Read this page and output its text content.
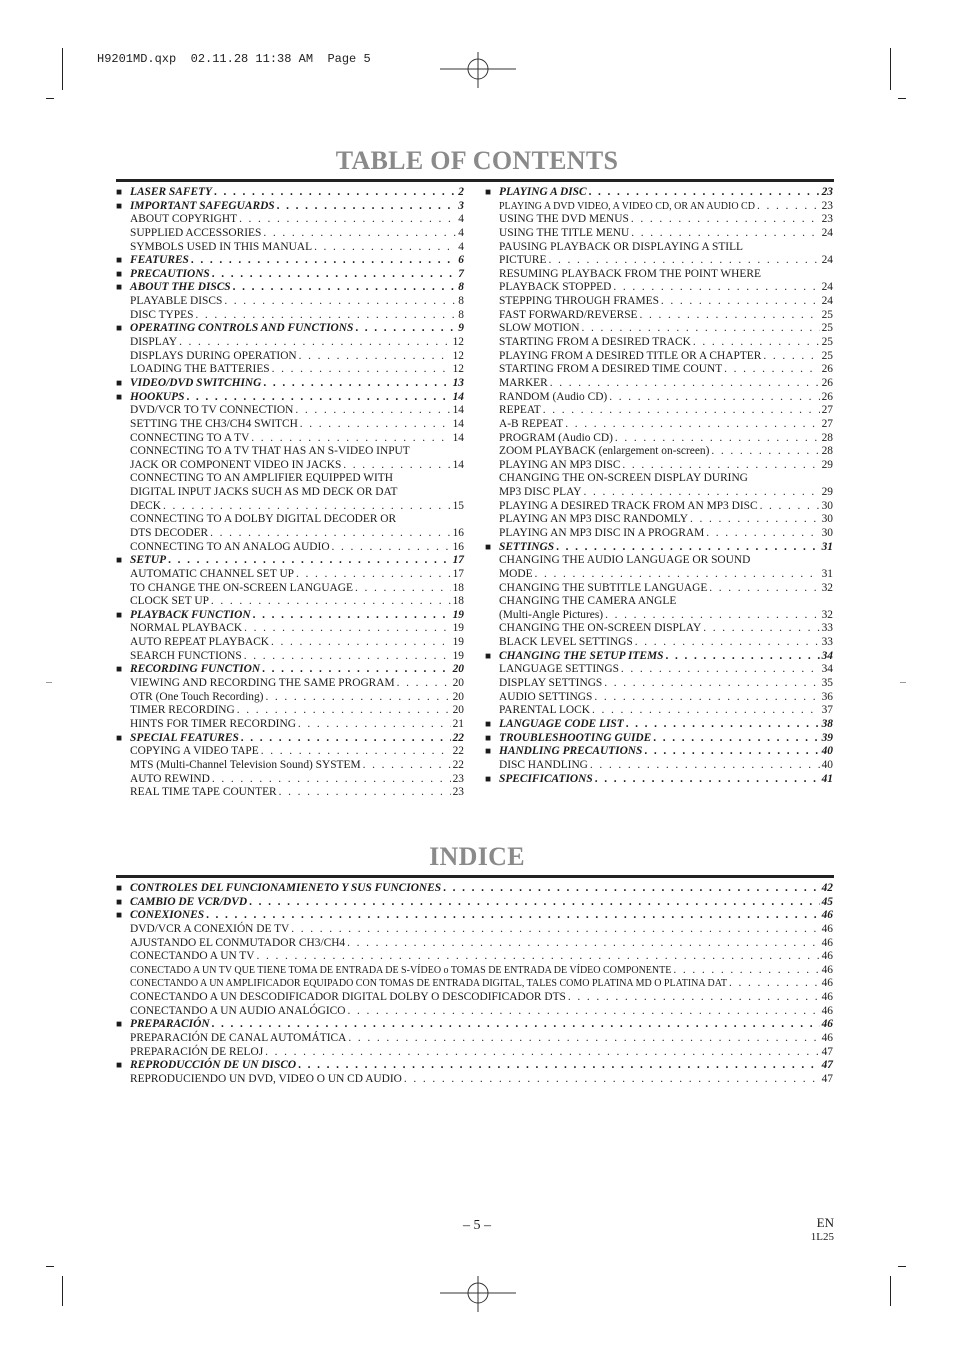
H9201MD.qxp  02.11.28 11:38 AM  Page 5
TABLE OF CONTENTS
■ LASER SAFETY . . .	2
■ IMPORTANT SAFEGUARDS . . .	3
ABOUT COPYRIGHT . . .	4
SUPPLIED ACCESSORIES . . .	4
SYMBOLS USED IN THIS MANUAL . . .	4
■ FEATURES . . .	6
■ PRECAUTIONS . . .	7
■ ABOUT THE DISCS . . .	8
PLAYABLE DISCS . . .	8
DISC TYPES . . .	8
■ OPERATING CONTROLS AND FUNCTIONS . . .	9
DISPLAY . . .	12
DISPLAYS DURING OPERATION . . .	12
LOADING THE BATTERIES . . .	12
■ VIDEO/DVD SWITCHING . . .	13
■ HOOKUPS . . .	14
DVD/VCR TO TV CONNECTION . . .	14
SETTING THE CH3/CH4 SWITCH . . .	14
CONNECTING TO A TV . . .	14
CONNECTING TO A TV THAT HAS AN S-VIDEO INPUT
JACK OR COMPONENT VIDEO IN JACKS . . .	14
CONNECTING TO AN AMPLIFIER EQUIPPED WITH
DIGITAL INPUT JACKS SUCH AS MD DECK OR DAT
DECK . . .	15
CONNECTING TO A DOLBY DIGITAL DECODER OR
DTS DECODER . . .	16
CONNECTING TO AN ANALOG AUDIO . . .	16
■ SETUP . . .	17
AUTOMATIC CHANNEL SET UP . . .	17
TO CHANGE THE ON-SCREEN LANGUAGE . . .	18
CLOCK SET UP . . .	18
■ PLAYBACK FUNCTION . . .	19
NORMAL PLAYBACK . . .	19
AUTO REPEAT PLAYBACK . . .	19
SEARCH FUNCTIONS . . .	19
■ RECORDING FUNCTION . . .	20
VIEWING AND RECORDING THE SAME PROGRAM . . .	20
OTR (One Touch Recording) . . .	20
TIMER RECORDING . . .	20
HINTS FOR TIMER RECORDING . . .	21
■ SPECIAL FEATURES . . .	22
COPYING A VIDEO TAPE . . .	22
MTS (Multi-Channel Television Sound) SYSTEM . . .	22
AUTO REWIND . . .	23
REAL TIME TAPE COUNTER . . .	23
■ PLAYING A DISC . . .	23
PLAYING A DVD VIDEO, A VIDEO CD, OR AN AUDIO CD . . .	23
USING THE DVD MENUS . . .	23
USING THE TITLE MENU . . .	24
PAUSING PLAYBACK OR DISPLAYING A STILL
PICTURE . . .	24
RESUMING PLAYBACK FROM THE POINT WHERE
PLAYBACK STOPPED . . .	24
STEPPING THROUGH FRAMES . . .	24
FAST FORWARD/REVERSE . . .	25
SLOW MOTION . . .	25
STARTING FROM A DESIRED TRACK . . .	25
PLAYING FROM A DESIRED TITLE OR A CHAPTER . . .	25
STARTING FROM A DESIRED TIME COUNT . . .	26
MARKER . . .	26
RANDOM (Audio CD) . . .	26
REPEAT . . .	27
A-B REPEAT . . .	27
PROGRAM (Audio CD) . . .	28
ZOOM PLAYBACK (enlargement on-screen) . . .	28
PLAYING AN MP3 DISC . . .	29
CHANGING THE ON-SCREEN DISPLAY DURING
MP3 DISC PLAY . . .	29
PLAYING A DESIRED TRACK FROM AN MP3 DISC . . .	30
PLAYING AN MP3 DISC RANDOMLY . . .	30
PLAYING AN MP3 DISC IN A PROGRAM . . .	30
■ SETTINGS . . .	31
CHANGING THE AUDIO LANGUAGE OR SOUND
MODE . . .	31
CHANGING THE SUBTITLE LANGUAGE . . .	32
CHANGING THE CAMERA ANGLE
(Multi-Angle Pictures) . . .	32
CHANGING THE ON-SCREEN DISPLAY . . .	33
BLACK LEVEL SETTINGS . . .	33
■ CHANGING THE SETUP ITEMS . . .	34
LANGUAGE SETTINGS . . .	34
DISPLAY SETTINGS . . .	35
AUDIO SETTINGS . . .	36
PARENTAL LOCK . . .	37
■ LANGUAGE CODE LIST . . .	38
■ TROUBLESHOOTING GUIDE . . .	39
■ HANDLING PRECAUTIONS . . .	40
DISC HANDLING . . .	40
■ SPECIFICATIONS . . .	41
INDICE
■ CONTROLES DEL FUNCIONAMIENETO Y SUS FUNCIONES . . .	42
■ CAMBIO DE VCR/DVD . . .	45
■ CONEXIONES . . .	46
DVD/VCR A CONEXIÓN DE TV . . .	46
AJUSTANDO EL CONMUTADOR CH3/CH4 . . .	46
CONECTANDO A UN TV . . .	46
CONECTADO A UN TV QUE TIENE TOMA DE ENTRADA DE S-VÍDEO o TOMAS DE ENTRADA DE VÍDEO COMPONENTE . . .	46
CONECTANDO A UN AMPLIFICADOR EQUIPADO CON TOMAS DE ENTRADA DIGITAL, TALES COMO PLATINA MD O PLATINA DAT . . .	46
CONECTANDO A UN DESCODIFICADOR DIGITAL DOLBY O DESCODIFICADOR DTS . . .	46
CONECTANDO A UN AUDIO ANALÓGICO . . .	46
■ PREPARACIÓN . . .	46
PREPARACIÓN DE CANAL AUTOMÁTICA . . .	46
PREPARACIÓN DE RELOJ . . .	47
■ REPRODUCCIÓN DE UN DISCO . . .	47
REPRODUCIENDO UN DVD, VIDEO O UN CD AUDIO . . .	47
– 5 –	EN
1L25
